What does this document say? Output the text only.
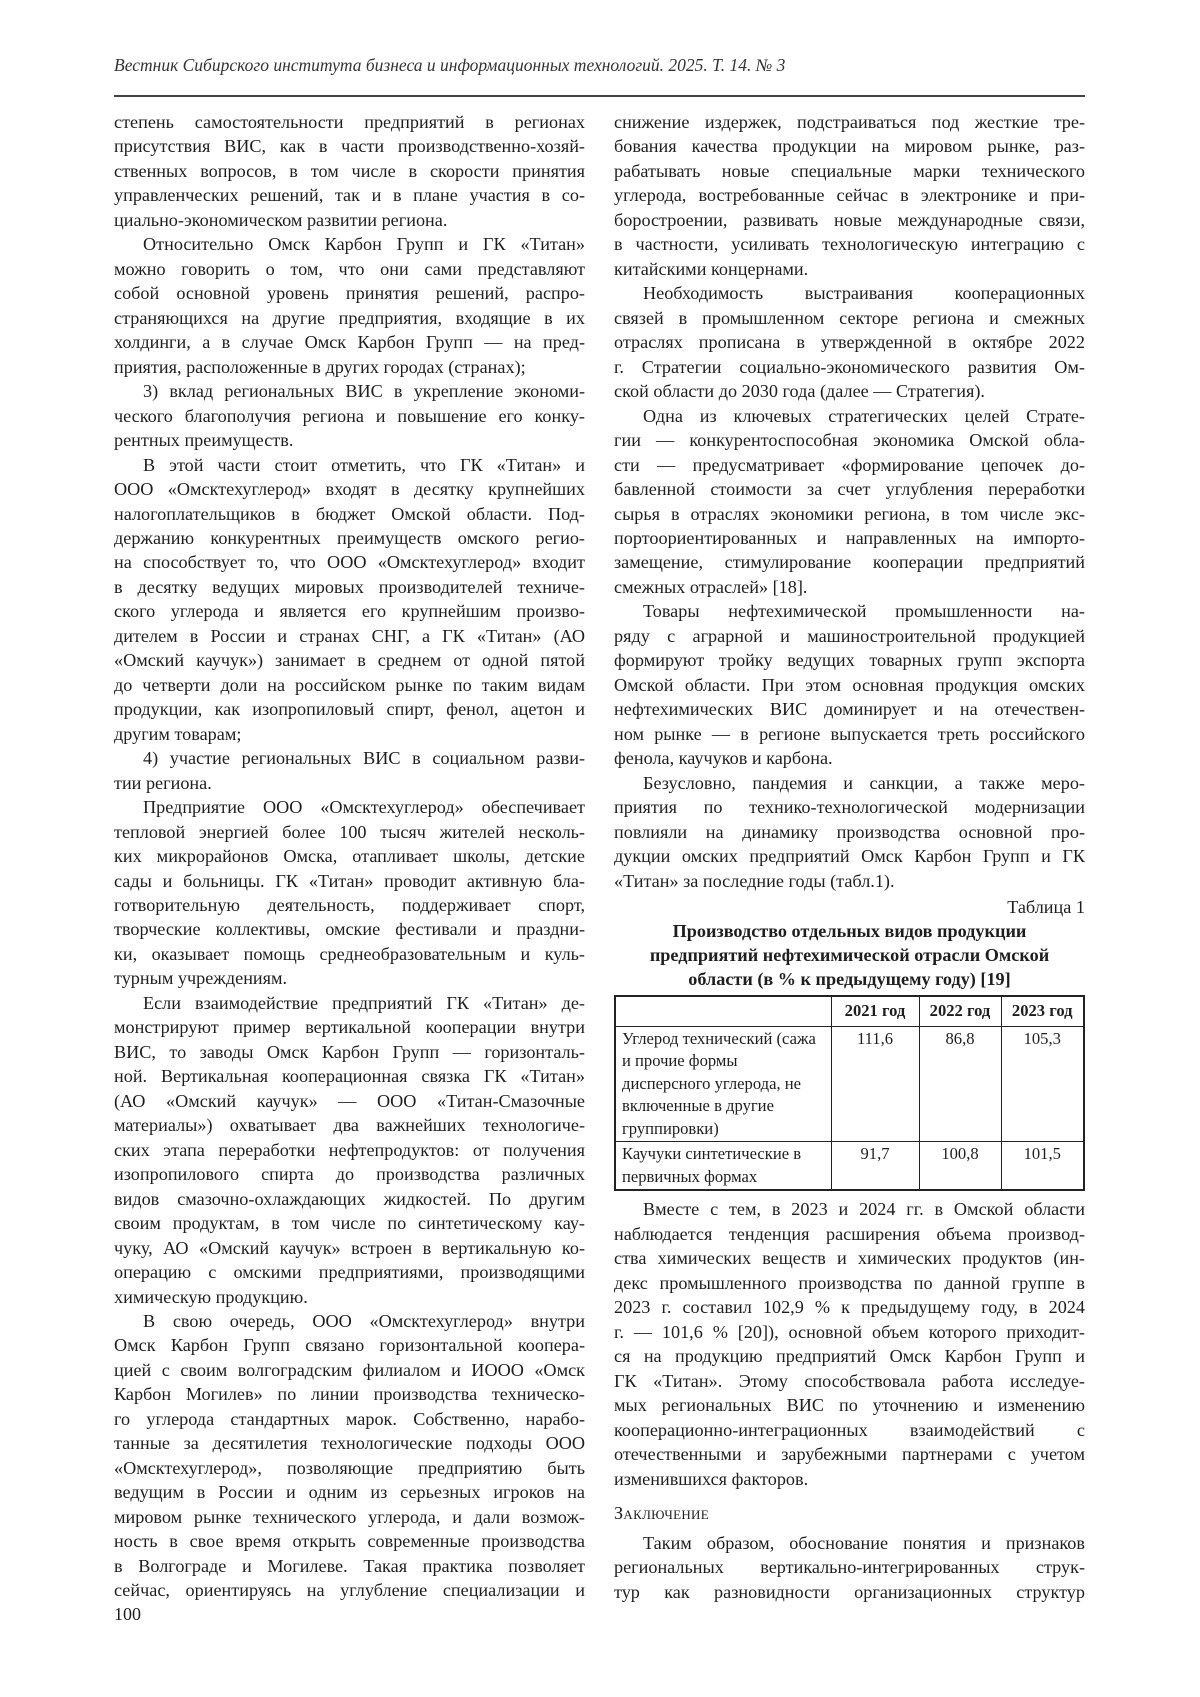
Вестник Сибирского института бизнеса и информационных технологий. 2025. Т. 14. № 3
степень самостоятельности предприятий в регионах
присутствия ВИС, как в части производственно-хозяй-
ственных вопросов, в том числе в скорости принятия
управленческих решений, так и в плане участия в со-
циально-экономическом развитии региона.
Относительно Омск Карбон Групп и ГК «Титан»
можно говорить о том, что они сами представляют
собой основной уровень принятия решений, распро-
страняющихся на другие предприятия, входящие в их
холдинги, а в случае Омск Карбон Групп — на пред-
приятия, расположенные в других городах (странах);
3) вклад региональных ВИС в укрепление экономи-
ческого благополучия региона и повышение его конку-
рентных преимуществ.
В этой части стоит отметить, что ГК «Титан» и
ООО «Омсктехуглерод» входят в десятку крупнейших
налогоплательщиков в бюджет Омской области. Под-
держанию конкурентных преимуществ омского регио-
на способствует то, что ООО «Омсктехуглерод» входит
в десятку ведущих мировых производителей техниче-
ского углерода и является его крупнейшим произво-
дителем в России и странах СНГ, а ГК «Титан» (АО
«Омский каучук») занимает в среднем от одной пятой
до четверти доли на российском рынке по таким видам
продукции, как изопропиловый спирт, фенол, ацетон и
другим товарам;
4) участие региональных ВИС в социальном разви-
тии региона.
Предприятие ООО «Омсктехуглерод» обеспечивает
тепловой энергией более 100 тысяч жителей несколь-
ких микрорайонов Омска, отапливает школы, детские
сады и больницы. ГК «Титан» проводит активную бла-
готворительную деятельность, поддерживает спорт,
творческие коллективы, омские фестивали и праздни-
ки, оказывает помощь среднеобразовательным и куль-
турным учреждениям.
Если взаимодействие предприятий ГК «Титан» де-
монстрируют пример вертикальной кооперации внутри
ВИС, то заводы Омск Карбон Групп — горизонталь-
ной. Вертикальная кооперационная связка ГК «Титан»
(АО «Омский каучук» — ООО «Титан-Смазочные
материалы») охватывает два важнейших технологиче-
ских этапа переработки нефтепродуктов: от получения
изопропилового спирта до производства различных
видов смазочно-охлаждающих жидкостей. По другим
своим продуктам, в том числе по синтетическому кау-
чуку, АО «Омский каучук» встроен в вертикальную ко-
операцию с омскими предприятиями, производящими
химическую продукцию.
В свою очередь, ООО «Омсктехуглерод» внутри
Омск Карбон Групп связано горизонтальной коопера-
цией с своим волгоградским филиалом и ИООО «Омск
Карбон Могилев» по линии производства техническо-
го углерода стандартных марок. Собственно, нарабо-
танные за десятилетия технологические подходы ООО
«Омсктехуглерод», позволяющие предприятию быть
ведущим в России и одним из серьезных игроков на
мировом рынке технического углерода, и дали возмож-
ность в свое время открыть современные производства
в Волгограде и Могилеве. Такая практика позволяет
сейчас, ориентируясь на углубление специализации и
снижение издержек, подстраиваться под жесткие тре-
бования качества продукции на мировом рынке, раз-
рабатывать новые специальные марки технического
углерода, востребованные сейчас в электронике и при-
боростроении, развивать новые международные связи,
в частности, усиливать технологическую интеграцию с
китайскими концернами.
Необходимость выстраивания кооперационных
связей в промышленном секторе региона и смежных
отраслях прописана в утвержденной в октябре 2022
г. Стратегии социально-экономического развития Ом-
ской области до 2030 года (далее — Стратегия).
Одна из ключевых стратегических целей Страте-
гии — конкурентоспособная экономика Омской обла-
сти — предусматривает «формирование цепочек до-
бавленной стоимости за счет углубления переработки
сырья в отраслях экономики региона, в том числе экс-
портоориентированных и направленных на импорто-
замещение, стимулирование кооперации предприятий
смежных отраслей» [18].
Товары нефтехимической промышленности на-
ряду с аграрной и машиностроительной продукцией
формируют тройку ведущих товарных групп экспорта
Омской области. При этом основная продукция омских
нефтехимических ВИС доминирует и на отечествен-
ном рынке — в регионе выпускается треть российского
фенола, каучуков и карбона.
Безусловно, пандемия и санкции, а также меро-
приятия по технико-технологической модернизации
повлияли на динамику производства основной про-
дукции омских предприятий Омск Карбон Групп и ГК
«Титан» за последние годы (табл.1).
Таблица 1
Производство отдельных видов продукции
предприятий нефтехимической отрасли Омской
области (в % к предыдущему году) [19]
	2021 год	2022 год	2023 год
Углерод технический (сажа и прочие формы дисперсного углерода, не включенные в другие группировки)	111,6	86,8	105,3
Каучуки синтетические в первичных формах	91,7	100,8	101,5
Вместе с тем, в 2023 и 2024 гг. в Омской области
наблюдается тенденция расширения объема производ-
ства химических веществ и химических продуктов (ин-
декс промышленного производства по данной группе в
2023 г. составил 102,9 % к предыдущему году, в 2024
г. — 101,6 % [20]), основной объем которого приходит-
ся на продукцию предприятий Омск Карбон Групп и
ГК «Титан». Этому способствовала работа исследуе-
мых региональных ВИС по уточнению и изменению
кооперационно-интеграционных взаимодействий с
отечественными и зарубежными партнерами с учетом
изменившихся факторов.
Заключение
Таким образом, обоснование понятия и признаков
региональных вертикально-интегрированных струк-
тур как разновидности организационных структур
100
